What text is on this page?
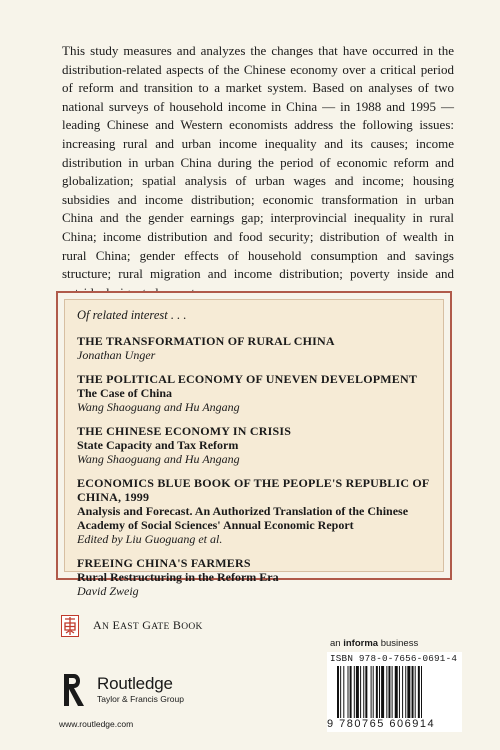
This study measures and analyzes the changes that have occurred in the distribution-related aspects of the Chinese economy over a critical period of reform and transition to a market system. Based on analyses of two national surveys of household income in China — in 1988 and 1995 — leading Chinese and Western economists address the following issues: increasing rural and urban income inequality and its causes; income distribution in urban China during the period of economic reform and globalization; spatial analysis of urban wages and income; housing subsidies and income distribution; economic transformation in urban China and the gender earnings gap; interprovincial inequality in rural China; income distribution and food security; distribution of wealth in rural China; gender effects of household consumption and savings structure; rural migration and income distribution; poverty inside and

Of related interest . . .
THE TRANSFORMATION OF RURAL CHINA
Jonathan Unger
THE POLITICAL ECONOMY OF UNEVEN DEVELOPMENT
The Case of China
Wang Shaoguang and Hu Angang
THE CHINESE ECONOMY IN CRISIS
State Capacity and Tax Reform
Wang Shaoguang and Hu Angang
ECONOMICS BLUE BOOK OF THE PEOPLE'S REPUBLIC OF CHINA, 1999
Analysis and Forecast. An Authorized Translation of the Chinese Academy of Social Sciences' Annual Economic Report
Edited by Liu Guoguang et al.
FREEING CHINA'S FARMERS
Rural Restructuring in the Reform Era
David Zweig
AN EAST GATE BOOK
Routledge
Taylor & Francis Group
www.routledge.com
an informa business
ISBN 978-0-7656-0691-4
9 780765 606914
